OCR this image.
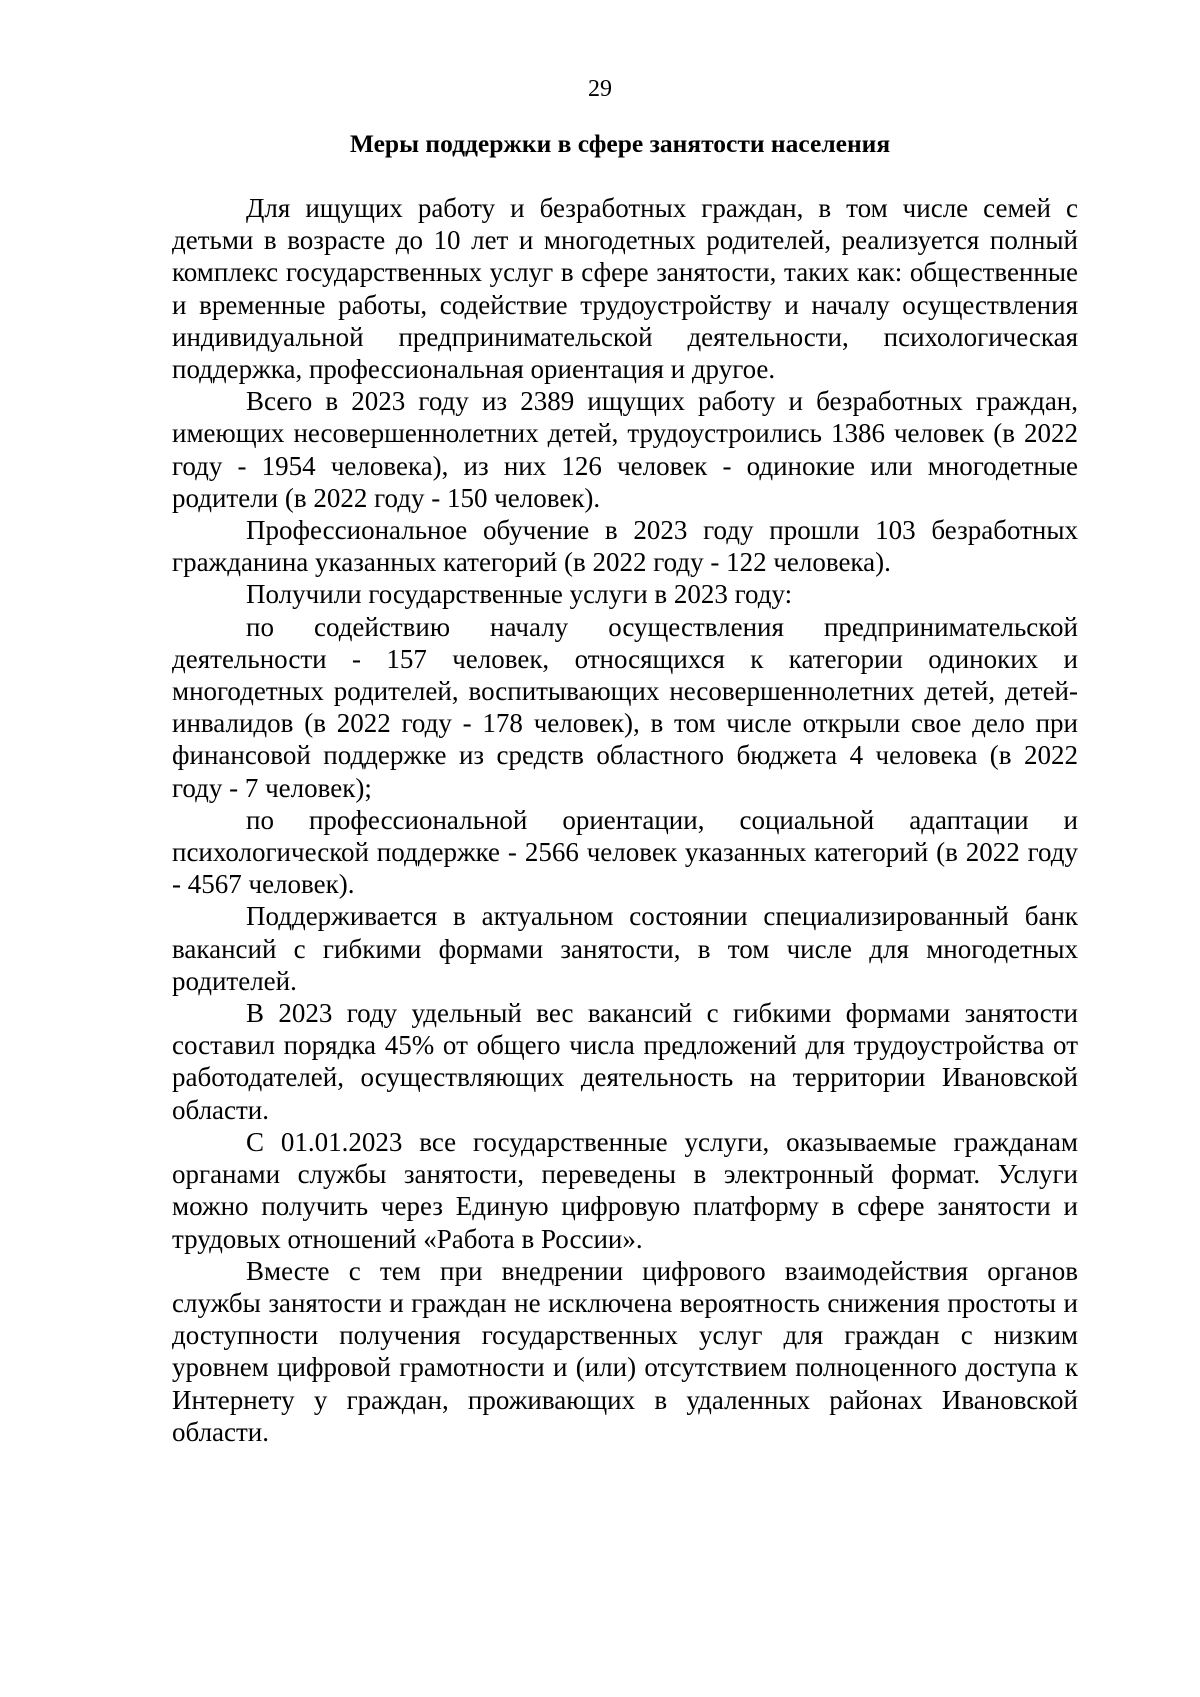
29
Меры поддержки в сфере занятости населения

Для ищущих работу и безработных граждан, в том числе семей с детьми в возрасте до 10 лет и многодетных родителей, реализуется полный комплекс государственных услуг в сфере занятости, таких как: общественные и временные работы, содействие трудоустройству и началу осуществления индивидуальной предпринимательской деятельности, психологическая поддержка, профессиональная ориентация и другое.

Всего в 2023 году из 2389 ищущих работу и безработных граждан, имеющих несовершеннолетних детей, трудоустроились 1386 человек (в 2022 году - 1954 человека), из них 126 человек - одинокие или многодетные родители (в 2022 году - 150 человек).

Профессиональное обучение в 2023 году прошли 103 безработных гражданина указанных категорий (в 2022 году - 122 человека).

Получили государственные услуги в 2023 году:

по содействию началу осуществления предпринимательской деятельности - 157 человек, относящихся к категории одиноких и многодетных родителей, воспитывающих несовершеннолетних детей, детей-инвалидов (в 2022 году - 178 человек), в том числе открыли свое дело при финансовой поддержке из средств областного бюджета 4 человека (в 2022 году - 7 человек);

по профессиональной ориентации, социальной адаптации и психологической поддержке - 2566 человек указанных категорий (в 2022 году - 4567 человек).

Поддерживается в актуальном состоянии специализированный банк вакансий с гибкими формами занятости, в том числе для многодетных родителей.

В 2023 году удельный вес вакансий с гибкими формами занятости составил порядка 45% от общего числа предложений для трудоустройства от работодателей, осуществляющих деятельность на территории Ивановской области.

С 01.01.2023 все государственные услуги, оказываемые гражданам органами службы занятости, переведены в электронный формат. Услуги можно получить через Единую цифровую платформу в сфере занятости и трудовых отношений «Работа в России».

Вместе с тем при внедрении цифрового взаимодействия органов службы занятости и граждан не исключена вероятность снижения простоты и доступности получения государственных услуг для граждан с низким уровнем цифровой грамотности и (или) отсутствием полноценного доступа к Интернету у граждан, проживающих в удаленных районах Ивановской области.
